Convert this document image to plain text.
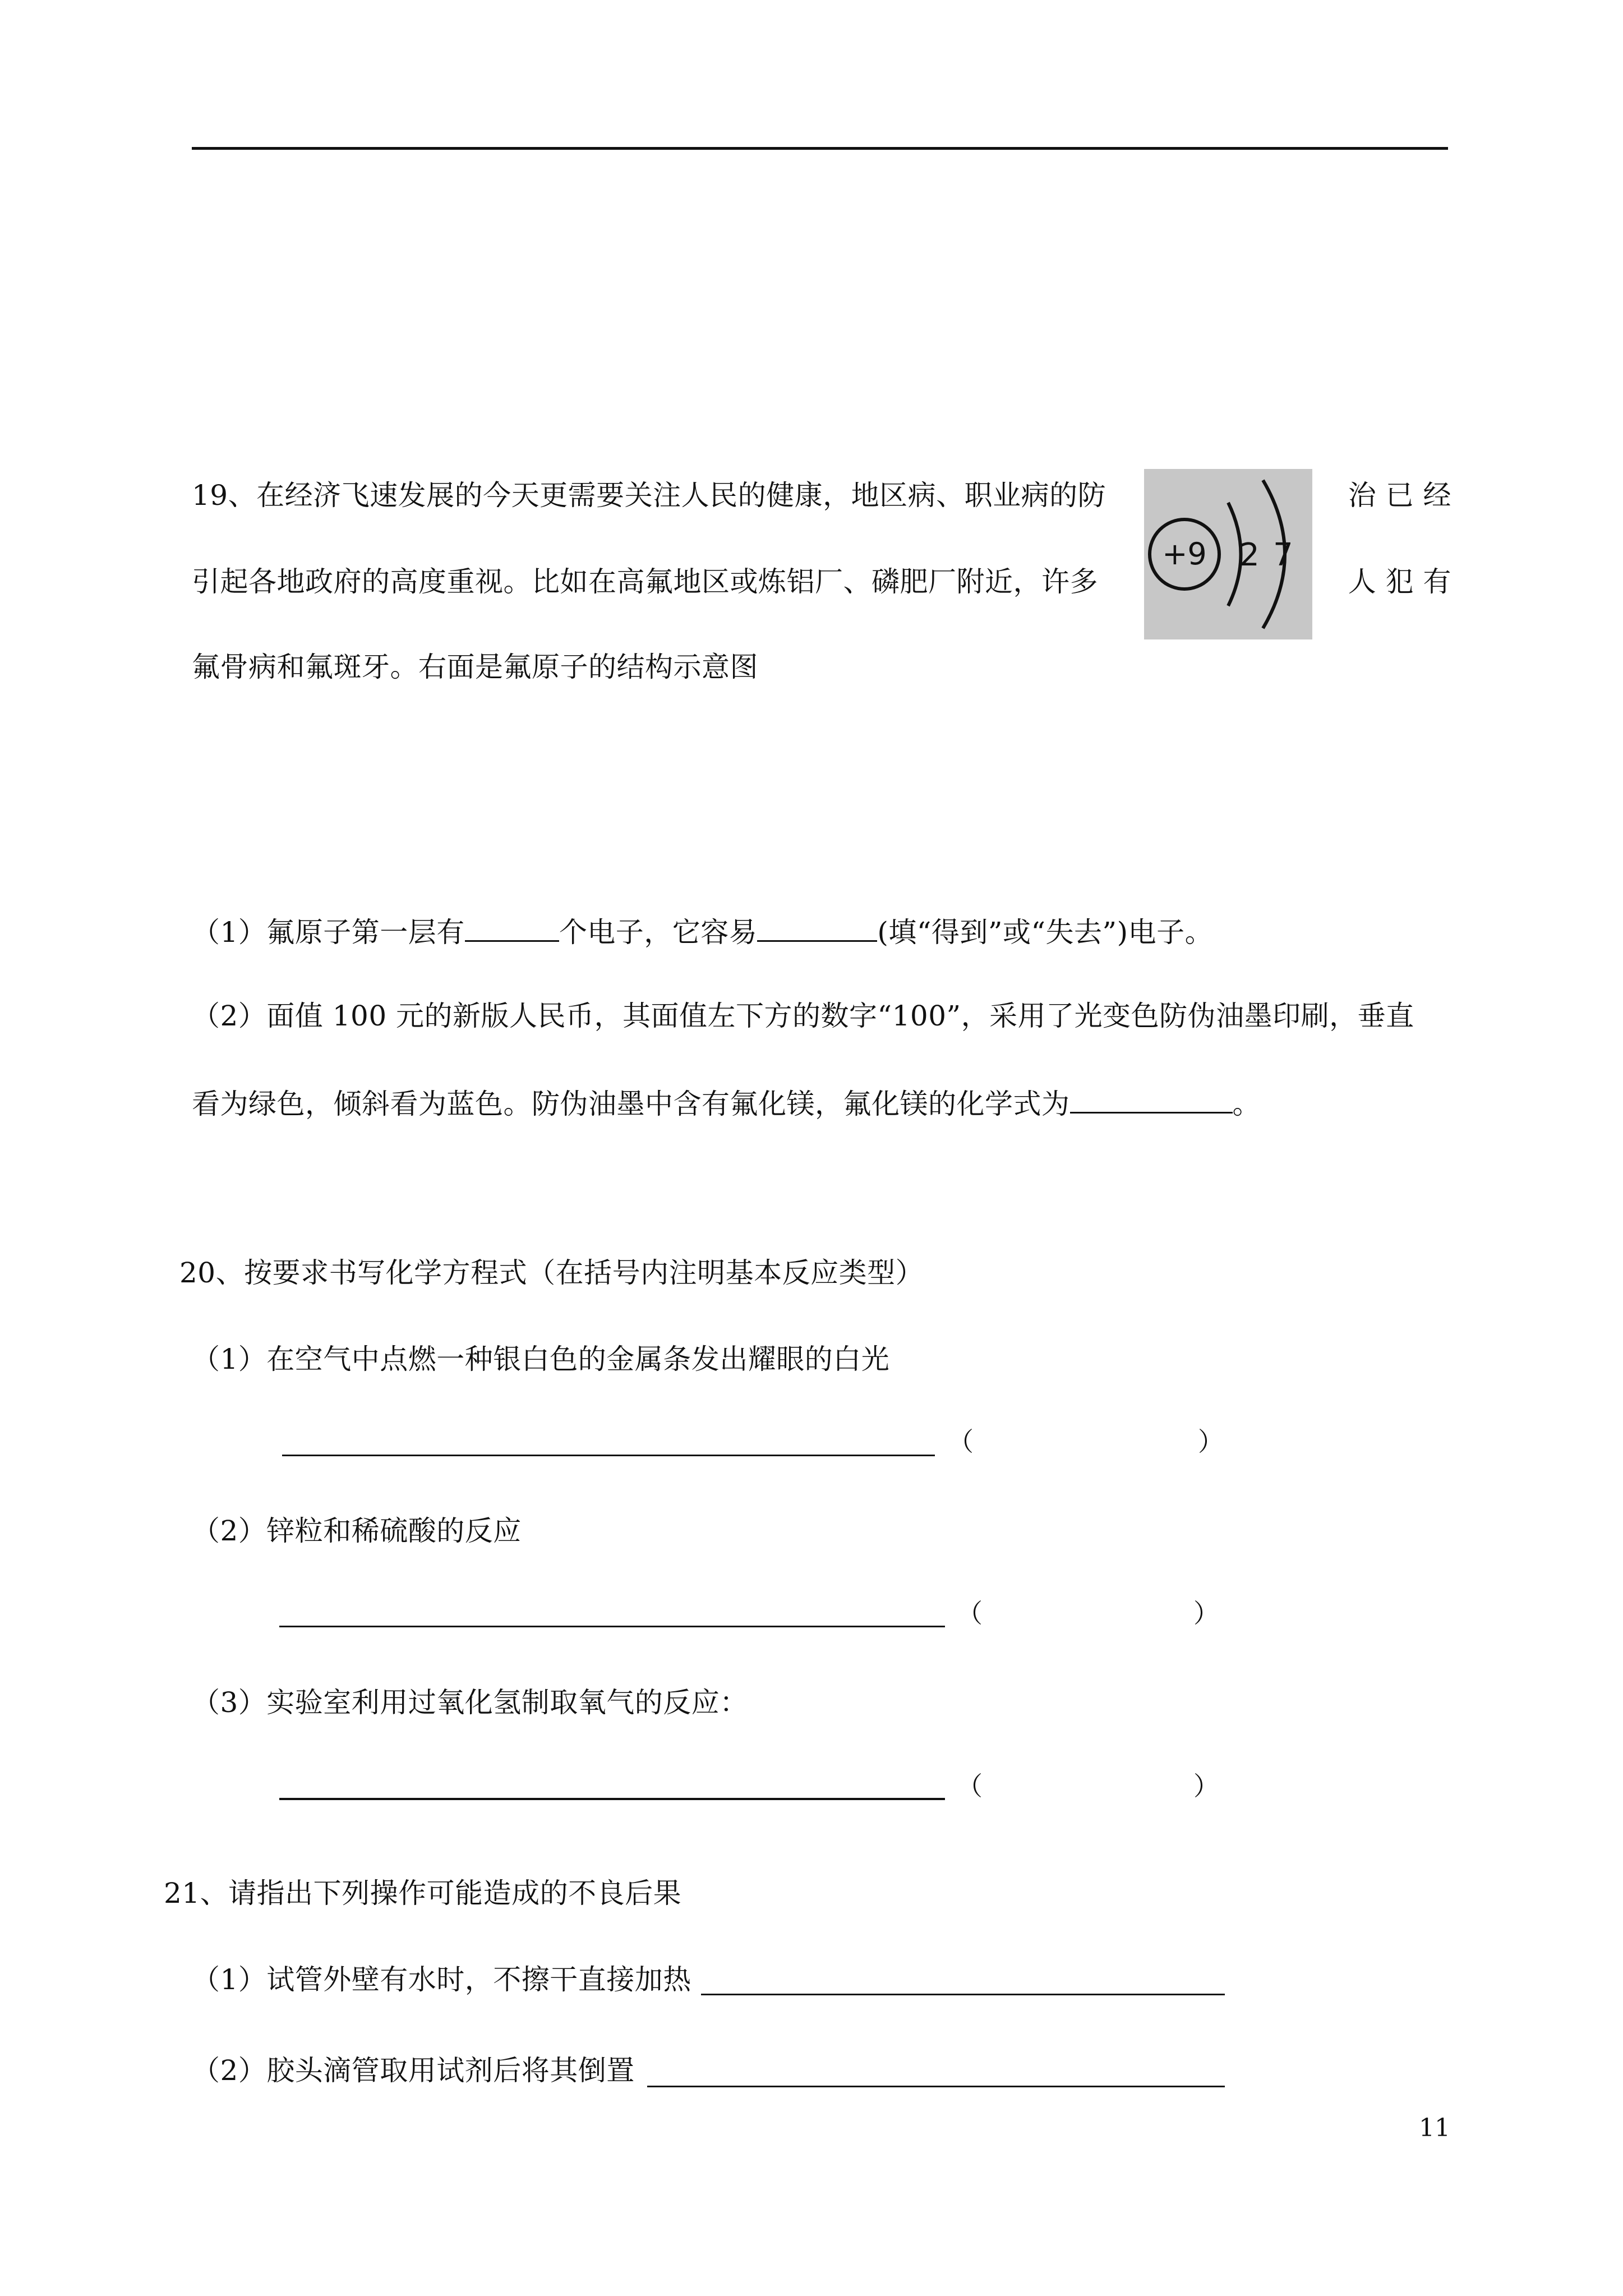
19、在经济飞速发展的今天更需要关注人民的健康，地区病、职业病的防	治 已 经
引起各地政府的高度重视。比如在高氟地区或炼铝厂、磷肥厂附近，许多	人 犯 有
氟骨病和氟斑牙。右面是氟原子的结构示意图
+9 2 7
（1）氟原子第一层有	个电子，它容易	(填“得到”或“失去”)电子。
（2）面值 100 元的新版人民币，其面值左下方的数字“100”，采用了光变色防伪油墨印刷，垂直
看为绿色，倾斜看为蓝色。防伪油墨中含有氟化镁，氟化镁的化学式为	。
20、按要求书写化学方程式（在括号内注明基本反应类型）
（1）在空气中点燃一种银白色的金属条发出耀眼的白光
（	）
（2）锌粒和稀硫酸的反应
（	）
（3）实验室利用过氧化氢制取氧气的反应：
（	）
21、请指出下列操作可能造成的不良后果
（1）试管外壁有水时，不擦干直接加热
（2）胶头滴管取用试剂后将其倒置
11
